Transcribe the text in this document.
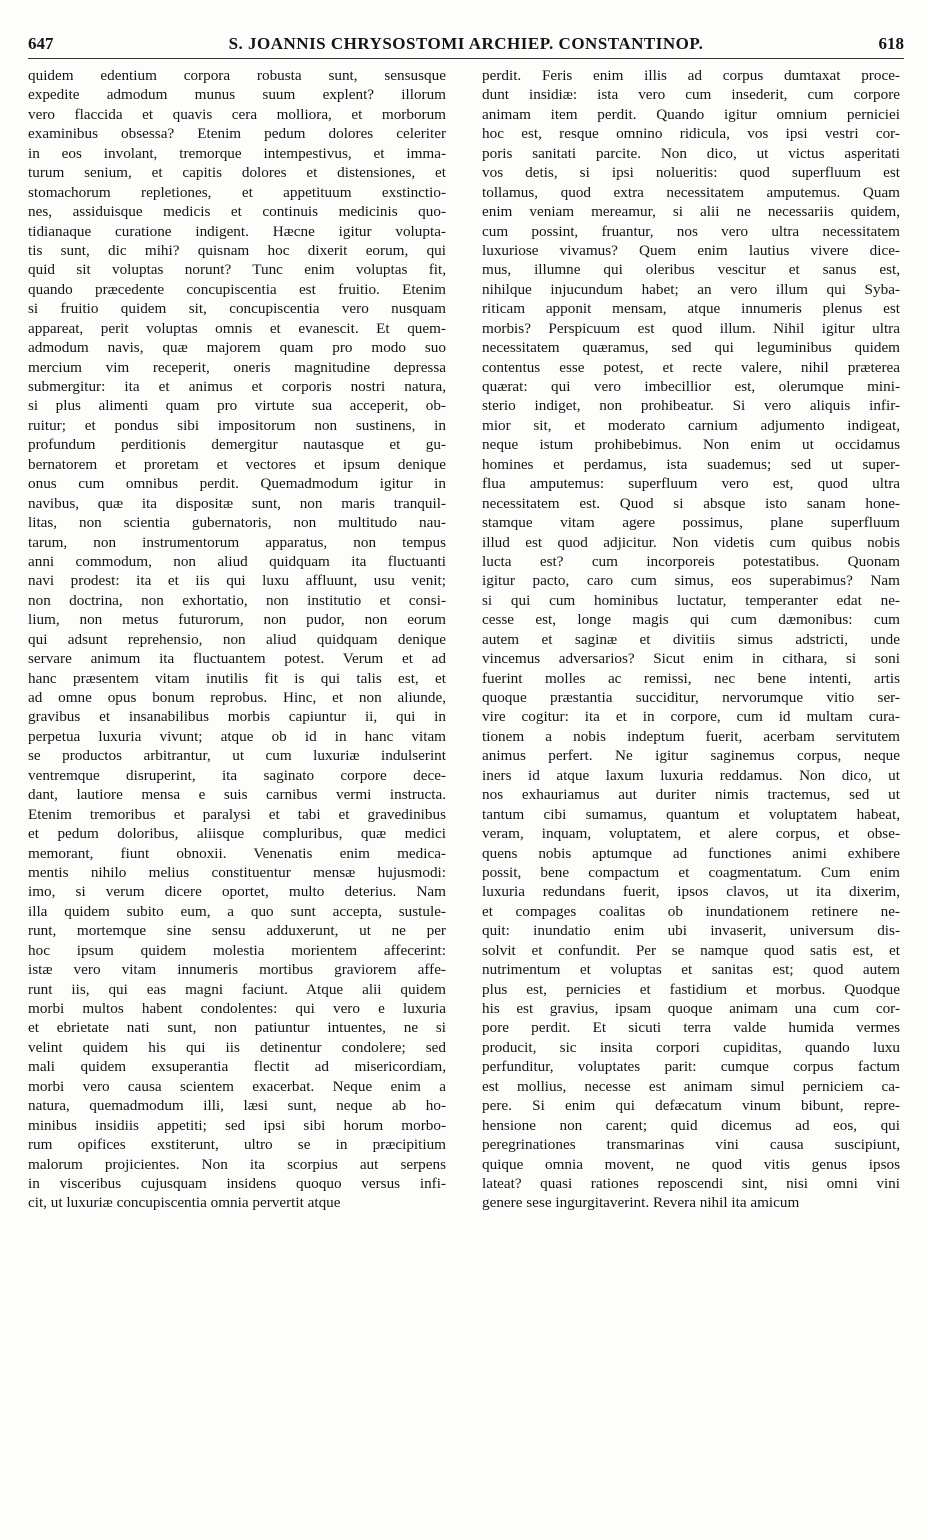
647	S. JOANNIS CHRYSOSTOMI ARCHIEP. CONSTANTINOP.	618
quidem edentium corpora robusta sunt, sensusque
expedite admodum munus suum explent? illorum
vero flaccida et quavis cera molliora, et morborum
examinibus obsessa? Etenim pedum dolores celeriter
in eos involant, tremorque intempestivus, et imma-
turum senium, et capitis dolores et distensiones, et
stomachorum repletiones, et appetituum exstinctio-
nes, assiduisque medicis et continuis medicinis quo-
tidianaque curatione indigent. Hæcne igitur volupta-
tis sunt, dic mihi? quisnam hoc dixerit eorum, qui
quid sit voluptas norunt? Tunc enim voluptas fit,
quando præcedente concupiscentia est fruitio. Etenim
si fruitio quidem sit, concupiscentia vero nusquam
appareat, perit voluptas omnis et evanescit. Et quem-
admodum navis, quæ majorem quam pro modo suo
mercium vim receperit, oneris magnitudine depressa
submergitur: ita et animus et corporis nostri natura,
si plus alimenti quam pro virtute sua acceperit, ob-
ruitur; et pondus sibi impositorum non sustinens, in
profundum perditionis demergitur nautasque et gu-
bernatorem et proretam et vectores et ipsum denique
onus cum omnibus perdit. Quemadmodum igitur in
navibus, quæ ita dispositæ sunt, non maris tranquil-
litas, non scientia gubernatoris, non multitudo nau-
tarum, non instrumentorum apparatus, non tempus
anni commodum, non aliud quidquam ita fluctuanti
navi prodest: ita et iis qui luxu affluunt, usu venit;
non doctrina, non exhortatio, non institutio et consi-
lium, non metus futurorum, non pudor, non eorum
qui adsunt reprehensio, non aliud quidquam denique
servare animum ita fluctuantem potest. Verum et ad
hanc præsentem vitam inutilis fit is qui talis est, et
ad omne opus bonum reprobus. Hinc, et non aliunde,
gravibus et insanabilibus morbis capiuntur ii, qui in
perpetua luxuria vivunt; atque ob id in hanc vitam
se productos arbitrantur, ut cum luxuriæ indulserint
ventremque disruperint, ita saginato corpore dece-
dant, lautiore mensa e suis carnibus vermi instructa.
Etenim tremoribus et paralysi et tabi et gravedinibus
et pedum doloribus, aliisque compluribus, quæ medici
memorant, fiunt obnoxii. Venenatis enim medica-
mentis nihilo melius constituentur mensæ hujusmodi:
imo, si verum dicere oportet, multo deterius. Nam
illa quidem subito eum, a quo sunt accepta, sustule-
runt, mortemque sine sensu adduxerunt, ut ne per
hoc ipsum quidem molestia morientem affecerint:
istæ vero vitam innumeris mortibus graviorem affe-
runt iis, qui eas magni faciunt. Atque alii quidem
morbi multos habent condolentes: qui vero e luxuria
et ebrietate nati sunt, non patiuntur intuentes, ne si
velint quidem his qui iis detinentur condolere; sed
mali quidem exsuperantia flectit ad misericordiam,
morbi vero causa scientem exacerbat. Neque enim a
natura, quemadmodum illi, læsi sunt, neque ab ho-
minibus insidiis appetiti; sed ipsi sibi horum morbo-
rum opifices exstiterunt, ultro se in præcipitium
malorum projicientes. Non ita scorpius aut serpens
in visceribus cujusquam insidens quoquo versus infi-
cit, ut luxuriæ concupiscentia omnia pervertit atque
perdit. Feris enim illis ad corpus dumtaxat proce-
dunt insidiæ: ista vero cum insederit, cum corpore
animam item perdit. Quando igitur omnium perniciei
hoc est, resque omnino ridicula, vos ipsi vestri cor-
poris sanitati parcite. Non dico, ut victus asperitati
vos detis, si ipsi nolueritis: quod superfluum est
tollamus, quod extra necessitatem amputemus. Quam
enim veniam mereamur, si alii ne necessariis quidem,
cum possint, fruantur, nos vero ultra necessitatem
luxuriose vivamus? Quem enim lautius vivere dice-
mus, illumne qui oleribus vescitur et sanus est,
nihilque injucundum habet; an vero illum qui Syba-
riticam apponit mensam, atque innumeris plenus est
morbis? Perspicuum est quod illum. Nihil igitur ultra
necessitatem quæramus, sed qui leguminibus quidem
contentus esse potest, et recte valere, nihil præterea
quærat: qui vero imbecillior est, olerumque mini-
sterio indiget, non prohibeatur. Si vero aliquis infir-
mior sit, et moderato carnium adjumento indigeat,
neque istum prohibebimus. Non enim ut occidamus
homines et perdamus, ista suademus; sed ut super-
flua amputemus: superfluum vero est, quod ultra
necessitatem est. Quod si absque isto sanam hone-
stamque vitam agere possimus, plane superfluum
illud est quod adjicitur. Non videtis cum quibus nobis
lucta est? cum incorporeis potestatibus. Quonam
igitur pacto, caro cum simus, eos superabimus? Nam
si qui cum hominibus luctatur, temperanter edat ne-
cesse est, longe magis qui cum dæmonibus: cum
autem et saginæ et divitiis simus adstricti, unde
vincemus adversarios? Sicut enim in cithara, si soni
fuerint molles ac remissi, nec bene intenti, artis
quoque præstantia succiditur, nervorumque vitio ser-
vire cogitur: ita et in corpore, cum id multam cura-
tionem a nobis indeptum fuerit, acerbam servitutem
animus perfert. Ne igitur saginemus corpus, neque
iners id atque laxum luxuria reddamus. Non dico, ut
nos exhauriamus aut duriter nimis tractemus, sed ut
tantum cibi sumamus, quantum et voluptatem habeat,
veram, inquam, voluptatem, et alere corpus, et obse-
quens nobis aptumque ad functiones animi exhibere
possit, bene compactum et coagmentatum. Cum enim
luxuria redundans fuerit, ipsos clavos, ut ita dixerim,
et compages coalitas ob inundationem retinere ne-
quit: inundatio enim ubi invaserit, universum dis-
solvit et confundit. Per se namque quod satis est, et
nutrimentum et voluptas et sanitas est; quod autem
plus est, pernicies et fastidium et morbus. Quodque
his est gravius, ipsam quoque animam una cum cor-
pore perdit. Et sicuti terra valde humida vermes
producit, sic insita corpori cupiditas, quando luxu
perfunditur, voluptates parit: cumque corpus factum
est mollius, necesse est animam simul perniciem ca-
pere. Si enim qui defæcatum vinum bibunt, repre-
hensione non carent; quid dicemus ad eos, qui
peregrinationes transmarinas vini causa suscipiunt,
quique omnia movent, ne quod vitis genus ipsos
lateat? quasi rationes reposcendi sint, nisi omni vini
genere sese ingurgitaverint. Revera nihil ita amicum
